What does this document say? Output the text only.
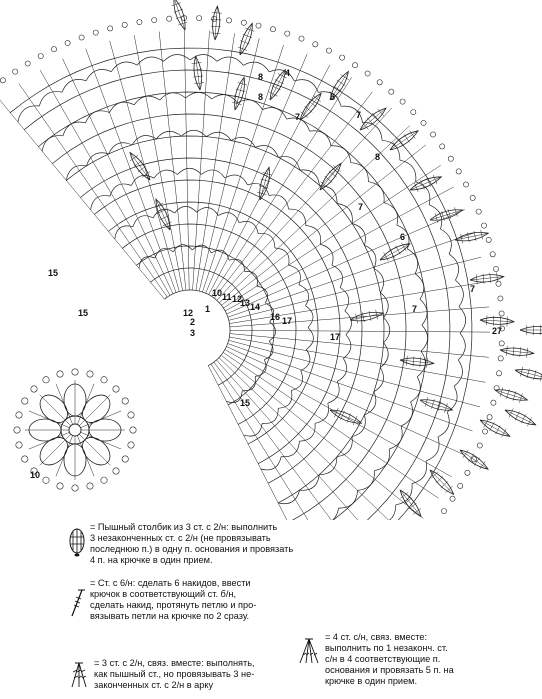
8 4
8
7
5
7
8
7
6
12 1
2
3
10 11 12
13 14
15
15
15	16 17
17
7
27
10
7
= Пышный столбик из 3 ст. с 2/н: выполнить
3 незаконченных ст. с 2/н (не провязывать
последнюю п.) в одну п. основания и провязать
4 п. на крючке в один прием.
= Ст. с 6/н: сделать 6 накидов, ввести
крючок в соответствующий ст. б/н,
сделать накид, протянуть петлю и про-
вязывать петли на крючке по 2 сразу.
= 4 ст. с/н, связ. вместе:
выполнить по 1 незаконч. ст.
с/н в 4 соответствующие п.
основания и провязать 5 п. на
крючке в один прием.
= 3 ст. с 2/н, связ. вместе: выполнять,
как пышный ст., но провязывать 3 не-
законченных ст. с 2/н в арку
